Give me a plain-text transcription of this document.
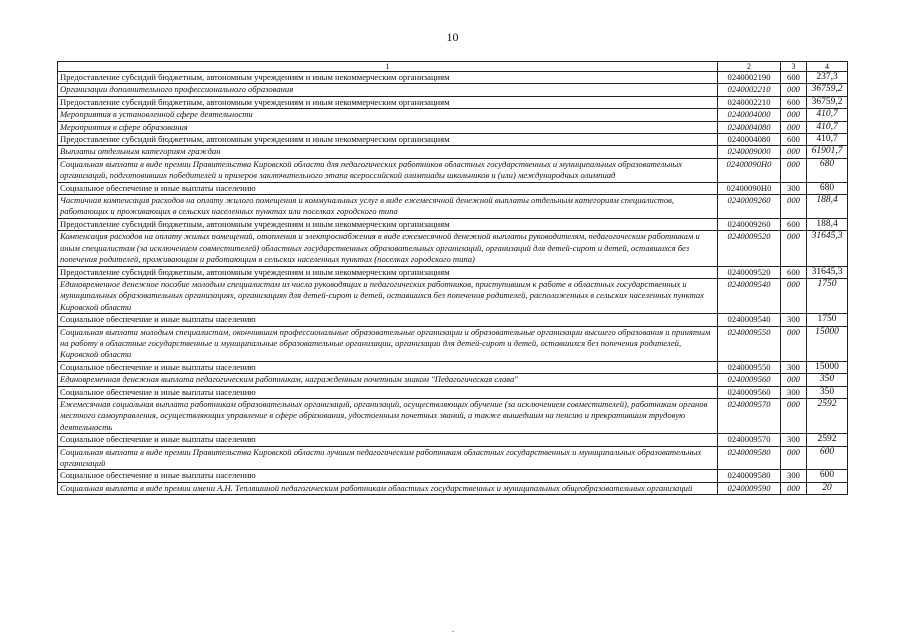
10
1	2	3	4
Предоставление субсидий бюджетным, автономным учреждениям и иным некоммерческим организациям	0240002190	600	237,3
Организации дополнительного профессионального образования	0240002210	000	36759,2
Предоставление субсидий бюджетным, автономным учреждениям и иным некоммерческим организациям	0240002210	600	36759,2
Мероприятия в установленной сфере деятельности	0240004000	000	410,7
Мероприятия в сфере образования	0240004080	000	410,7
Предоставление субсидий бюджетным, автономным учреждениям и иным некоммерческим организациям	0240004080	600	410,7
Выплаты отдельным категориям граждан	0240009000	000	61901,7
Социальная выплата в виде премии Правительства Кировской области для педагогических работников областных государственных и муниципальных образовательных организаций, подготовивших победителей и призеров заключительного этапа всероссийской олимпиады школьников и (или) международных олимпиад	02400090Н0	000	680
Социальное обеспечение и иные выплаты населению	02400090Н0	300	680
Частичная компенсация расходов на оплату жилого помещения и коммунальных услуг в виде ежемесячной денежной выплаты отдельным категориям специалистов, работающих и проживающих в сельских населенных пунктах или поселках городского типа	0240009260	000	188,4
Предоставление субсидий бюджетным, автономным учреждениям и иным некоммерческим организациям	0240009260	600	188,4
Компенсация расходов на оплату жилых помещений, отопления и электроснабжения в виде ежемесячной денежной выплаты руководителям, педагогическим работникам и иным специалистам (за исключением совместителей) областных государственных образовательных организаций, организаций для детей-сирот и детей, оставшихся без попечения родителей, проживающим и работающим в сельских населенных пунктах (поселках городского типа)	0240009520	000	31645,3
Предоставление субсидий бюджетным, автономным учреждениям и иным некоммерческим организациям	0240009520	600	31645,3
Единовременное денежное пособие молодым специалистам из числа руководящих и педагогических работников, приступившим к работе в областных государственных и муниципальных образовательных организациях, организациях для детей-сирот и детей, оставшихся без попечения родителей, расположенных в сельских населенных пунктах Кировской области	0240009540	000	1750
Социальное обеспечение и иные выплаты населению	0240009540	300	1750
Социальная выплата молодым специалистам, окончившим профессиональные образовательные организации и образовательные организации высшего образования и принятым на работу в областные государственные и муниципальные образовательные организации, организации для детей-сирот и детей, оставшихся без попечения родителей, Кировской области	0240009550	000	15000
Социальное обеспечение и иные выплаты населению	0240009550	300	15000
Единовременная денежная выплата педагогическим работникам, награжденным почетным знаком "Педагогическая слава"	0240009560	000	350
Социальное обеспечение и иные выплаты населению	0240009560	300	350
Ежемесячная социальная выплата работникам образовательных организаций, организаций, осуществляющих обучение (за исключением совместителей), работникам органов местного самоуправления, осуществляющих управление в сфере образования, удостоенным почетных званий, а также вышедшим на пенсию и прекратившим трудовую деятельность	0240009570	000	2592
Социальное обеспечение и иные выплаты населению	0240009570	300	2592
Социальная выплата в виде премии Правительства Кировской области лучшим педагогическим работникам областных государственных и муниципальных образовательных организаций	0240009580	000	600
Социальное обеспечение и иные выплаты населению	0240009580	300	600
Социальная выплата в виде премии имени А.Н. Тепляшиной педагогическим работникам областных государственных и муниципальных общеобразовательных организаций	0240009590	000	20
.
